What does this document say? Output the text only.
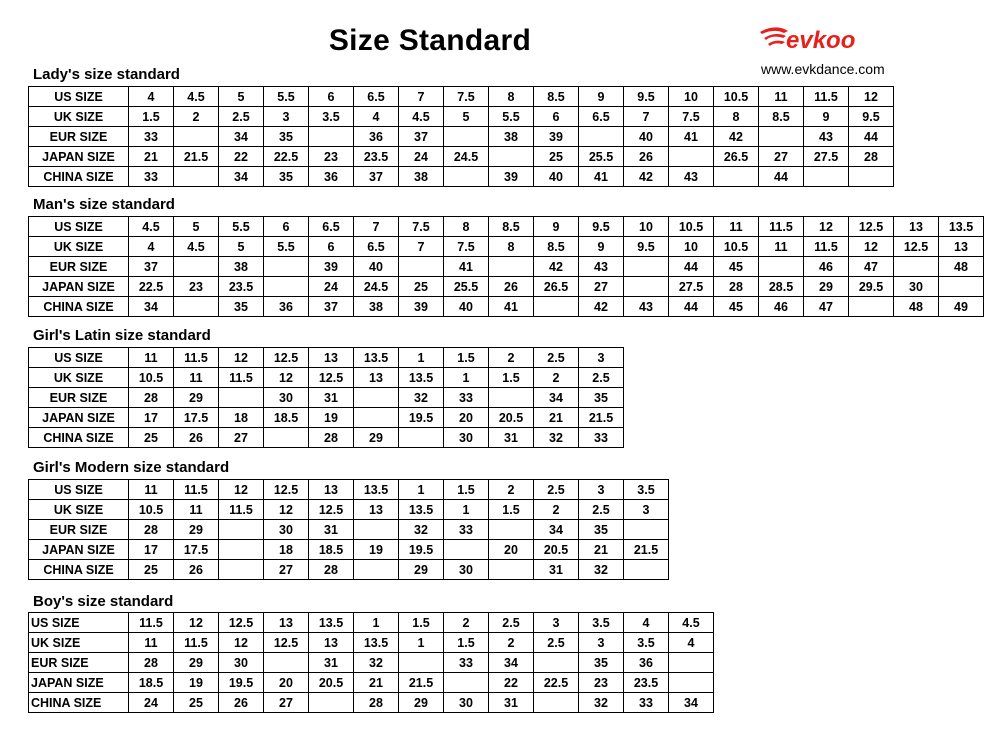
Size Standard	evkoo
www.evkdance.com
Lady's size standard
US SIZE	4	4.5	5	5.5	6	6.5	7	7.5	8	8.5	9	9.5	10	10.5	11	11.5	12
UK SIZE	1.5	2	2.5	3	3.5	4	4.5	5	5.5	6	6.5	7	7.5	8	8.5	9	9.5
EUR SIZE	33		34	35		36	37		38	39		40	41	42		43	44
JAPAN SIZE	21	21.5	22	22.5	23	23.5	24	24.5		25	25.5	26		26.5	27	27.5	28
CHINA SIZE	33		34	35	36	37	38		39	40	41	42	43		44		
Man's size standard
US SIZE	4.5	5	5.5	6	6.5	7	7.5	8	8.5	9	9.5	10	10.5	11	11.5	12	12.5	13	13.5
UK SIZE	4	4.5	5	5.5	6	6.5	7	7.5	8	8.5	9	9.5	10	10.5	11	11.5	12	12.5	13
EUR SIZE	37		38		39	40		41		42	43		44	45		46	47		48
JAPAN SIZE	22.5	23	23.5		24	24.5	25	25.5	26	26.5	27		27.5	28	28.5	29	29.5	30	
CHINA SIZE	34		35	36	37	38	39	40	41		42	43	44	45	46	47		48	49
Girl's Latin size standard
US SIZE	11	11.5	12	12.5	13	13.5	1	1.5	2	2.5	3
UK SIZE	10.5	11	11.5	12	12.5	13	13.5	1	1.5	2	2.5
EUR SIZE	28	29		30	31		32	33		34	35
JAPAN SIZE	17	17.5	18	18.5	19		19.5	20	20.5	21	21.5
CHINA SIZE	25	26	27		28	29		30	31	32	33
Girl's Modern size standard
US SIZE	11	11.5	12	12.5	13	13.5	1	1.5	2	2.5	3	3.5
UK SIZE	10.5	11	11.5	12	12.5	13	13.5	1	1.5	2	2.5	3
EUR SIZE	28	29		30	31		32	33		34	35	
JAPAN SIZE	17	17.5		18	18.5	19	19.5		20	20.5	21	21.5
CHINA SIZE	25	26		27	28		29	30		31	32	
Boy's size standard
US SIZE	11.5	12	12.5	13	13.5	1	1.5	2	2.5	3	3.5	4	4.5
UK SIZE	11	11.5	12	12.5	13	13.5	1	1.5	2	2.5	3	3.5	4
EUR SIZE	28	29	30		31	32		33	34		35	36	
JAPAN SIZE	18.5	19	19.5	20	20.5	21	21.5		22	22.5	23	23.5	
CHINA SIZE	24	25	26	27		28	29	30	31		32	33	34
